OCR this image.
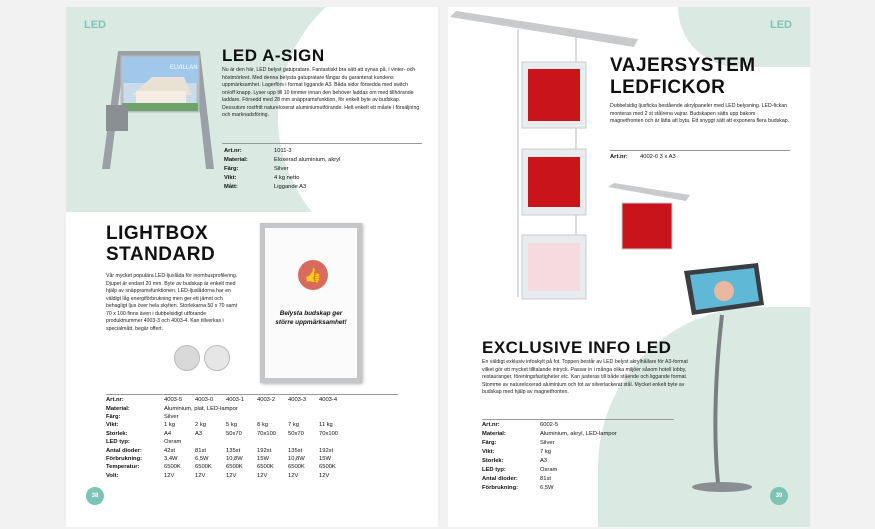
LED
ELVILLAN
LED A-SIGN
Nu är den här, LED belyst gatupratare. Fantastiskt bra sätt att synas på, i vinter- och höstmörkret. Med denna belysta gatupratare fångar du garanterat kundens uppmärksamhet. Lagerförs i format liggande A3. Båda sidor försedda med switch on/off knapp. Lyser upp till 10 timmer innan den behöver laddas om med tillhörande laddare. Försedd med 28 mm snäppramsfunktion, för enkelt byte av budskap. Dessutom rostfritt natureloxerat aluminiumutförande. Helt enkelt ett måste i försäljning och marknadsföring.
Art.nr:	1011-3
Material:	Eloxerad aluminium, akryl
Färg:	Silver
Vikt:	4 kg netto
Mått:	Liggande A3
LIGHTBOX
STANDARD
Vår mycket populära LED-ljuslåda för inomhusprofilering. Djupet är endast 20 mm. Byte av budskap är enkelt med hjälp av snäppramsfunktionen. LED-ljuslådorna har en väldigt låg energiförbrukning men ger ett jämnt och behagligt ljus över hela skylten. Storlekarna 50 x 70 samt 70 x 100 finns även i dubbelsidigt utförande produktnummer 4003-3 och 4003-4. Kan tillverkas i specialmått, begär offert.
👍
Belysta budskap ger större uppmärksamhet!
Art.nr:	4003-5	4003-0	4003-1	4003-2	4003-3	4003-4
Material:	Aluminium, plat, LED-lampor					
Färg:	Silver					
Vikt:	1 kg	2 kg	5 kg	8 kg	7 kg	11 kg
Storlek:	A4	A3	50x70	70x100	50x70	70x100
LED typ:	Osram					
Antal dioder:	42st	81st	135st	192st	135st	192st
Förbrukning:	3,4W	6,5W	10,8W	15W	10,8W	15W
Temperatur:	6500K	6500K	6500K	6500K	6500K	6500K
Volt:	12V	12V	12V	12V	12V	12V
38
LED
VAJERSYSTEM
LEDFICKOR
Dubbelsidig ljusficka bestående akrylpaneler med LED belysning. LED-fickan monteras med 2 st stålrena vajrar. Budskapen sätts upp bakom magnetfronten och är lätta att byta. Ett snyggt sätt att exponera flera budskap.
Art.nr:	4002-0 3 x A3
EXCLUSIVE INFO LED
En väldigt exklusiv infoskylt på fot. Toppen består av LED belyst akrylhållare för A3-format vilket gör ett mycket tilltalande intryck. Passar in i många olika miljöer såsom hotell lobby, restauranger, föreningsfastigheter etc. Kan justeras till både stående och liggande format. Stomme av natureloxerad aluminium och fot av silverlackerat stål. Mycket enkelt byte av budskap med hjälp av magnetfronten.
Art.nr:	6002-5
Material:	Aluminium, akryl, LED-lampor
Färg:	Silver
Vikt:	7 kg
Storlek:	A3
LED typ:	Osram
Antal dioder:	81st
Förbrukning:	6,5W
39
